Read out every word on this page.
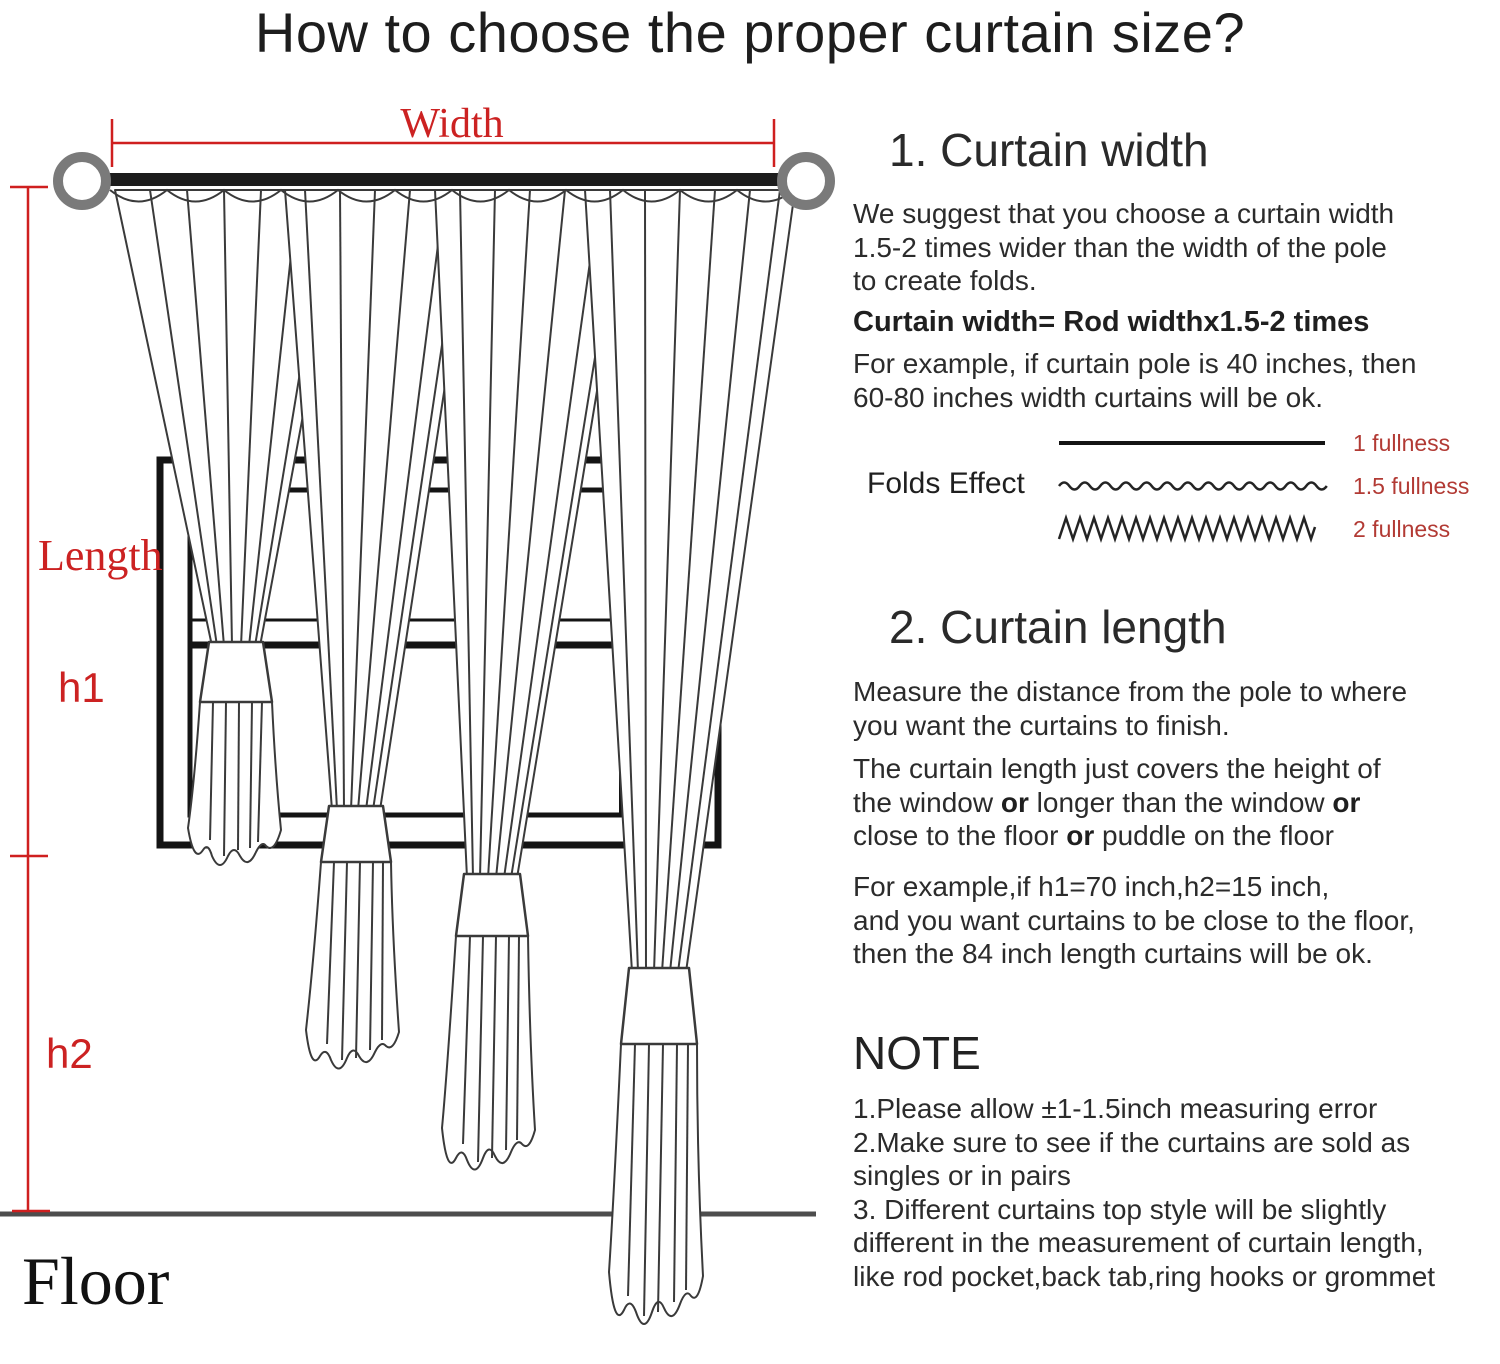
How to choose the proper curtain size?
Width
Length
h1
h2
Floor
1. Curtain width
We suggest that you choose a curtain width
1.5-2 times wider than the width of the pole
to create folds.
Curtain width= Rod widthx1.5-2 times
For example, if curtain pole is 40 inches, then
60-80 inches width curtains will be ok.
Folds Effect
1 fullness
1.5 fullness
2 fullness
2. Curtain length
Measure the distance from the pole to where
you want the curtains to finish.
The curtain length just covers the height of
the window or longer than the window or
close to the floor or puddle on the floor
For example,if h1=70 inch,h2=15 inch,
and you want curtains to be close to the floor,
then the 84 inch length curtains will be ok.
NOTE
1.Please allow ±1-1.5inch measuring error
2.Make sure to see if the curtains are sold as
singles or in pairs
3. Different curtains top style will be slightly
different in the measurement of curtain length,
like rod pocket,back tab,ring hooks or grommet
